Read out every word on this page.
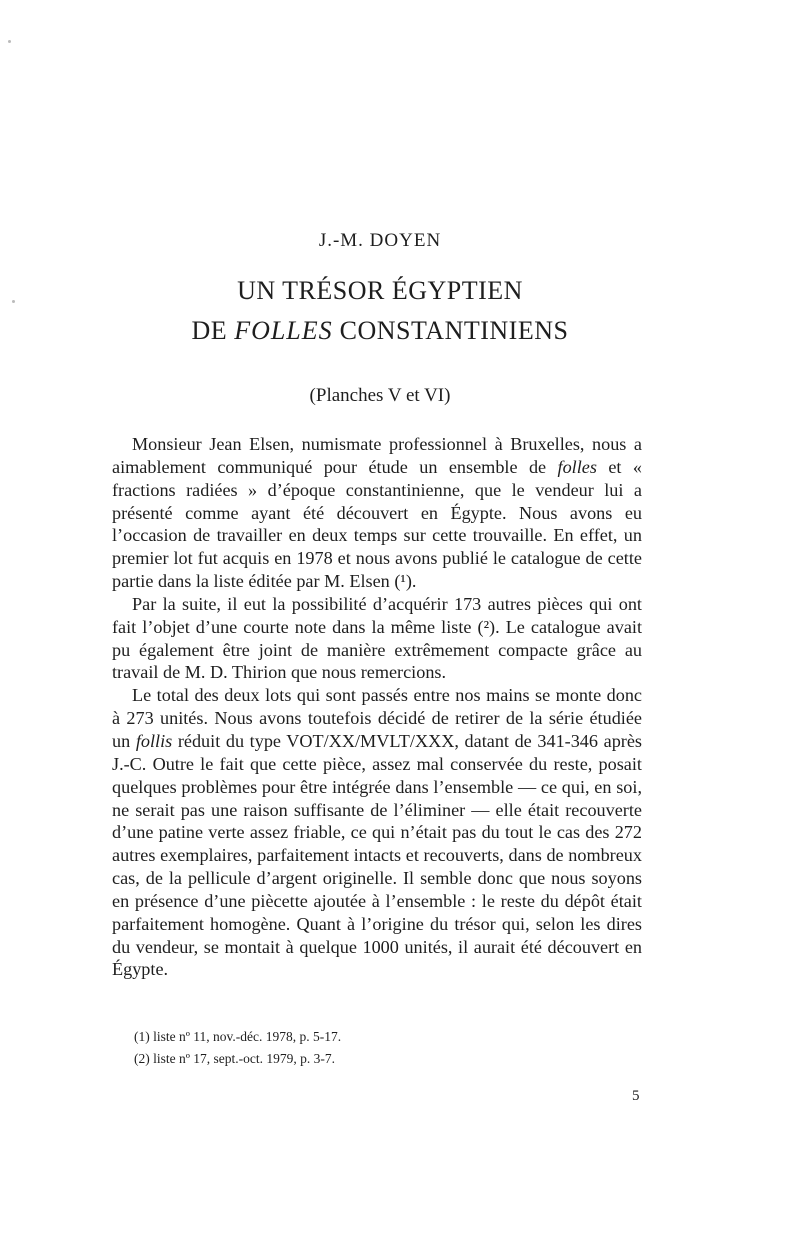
J.-M. DOYEN
UN TRÉSOR ÉGYPTIEN
DE FOLLES CONSTANTINIENS
(Planches V et VI)

Monsieur Jean Elsen, numismate professionnel à Bruxelles, nous a aimablement communiqué pour étude un ensemble de folles et « fractions radiées » d’époque constantinienne, que le vendeur lui a présenté comme ayant été découvert en Égypte. Nous avons eu l’occasion de travailler en deux temps sur cette trouvaille. En effet, un premier lot fut acquis en 1978 et nous avons publié le catalogue de cette partie dans la liste éditée par M. Elsen (¹).

Par la suite, il eut la possibilité d’acquérir 173 autres pièces qui ont fait l’objet d’une courte note dans la même liste (²). Le catalogue avait pu également être joint de manière extrêmement compacte grâce au travail de M. D. Thirion que nous remercions.

Le total des deux lots qui sont passés entre nos mains se monte donc à 273 unités. Nous avons toutefois décidé de retirer de la série étudiée un follis réduit du type VOT/XX/MVLT/XXX, datant de 341-346 après J.-C. Outre le fait que cette pièce, assez mal conservée du reste, posait quelques problèmes pour être intégrée dans l’ensemble — ce qui, en soi, ne serait pas une raison suffisante de l’éliminer — elle était recouverte d’une patine verte assez friable, ce qui n’était pas du tout le cas des 272 autres exemplaires, parfaitement intacts et recouverts, dans de nombreux cas, de la pellicule d’argent originelle. Il semble donc que nous soyons en présence d’une piècette ajoutée à l’ensemble : le reste du dépôt était parfaitement homogène. Quant à l’origine du trésor qui, selon les dires du vendeur, se montait à quelque 1000 unités, il aurait été découvert en Égypte.

(1) liste nº 11, nov.-déc. 1978, p. 5-17.
(2) liste nº 17, sept.-oct. 1979, p. 3-7.
5
